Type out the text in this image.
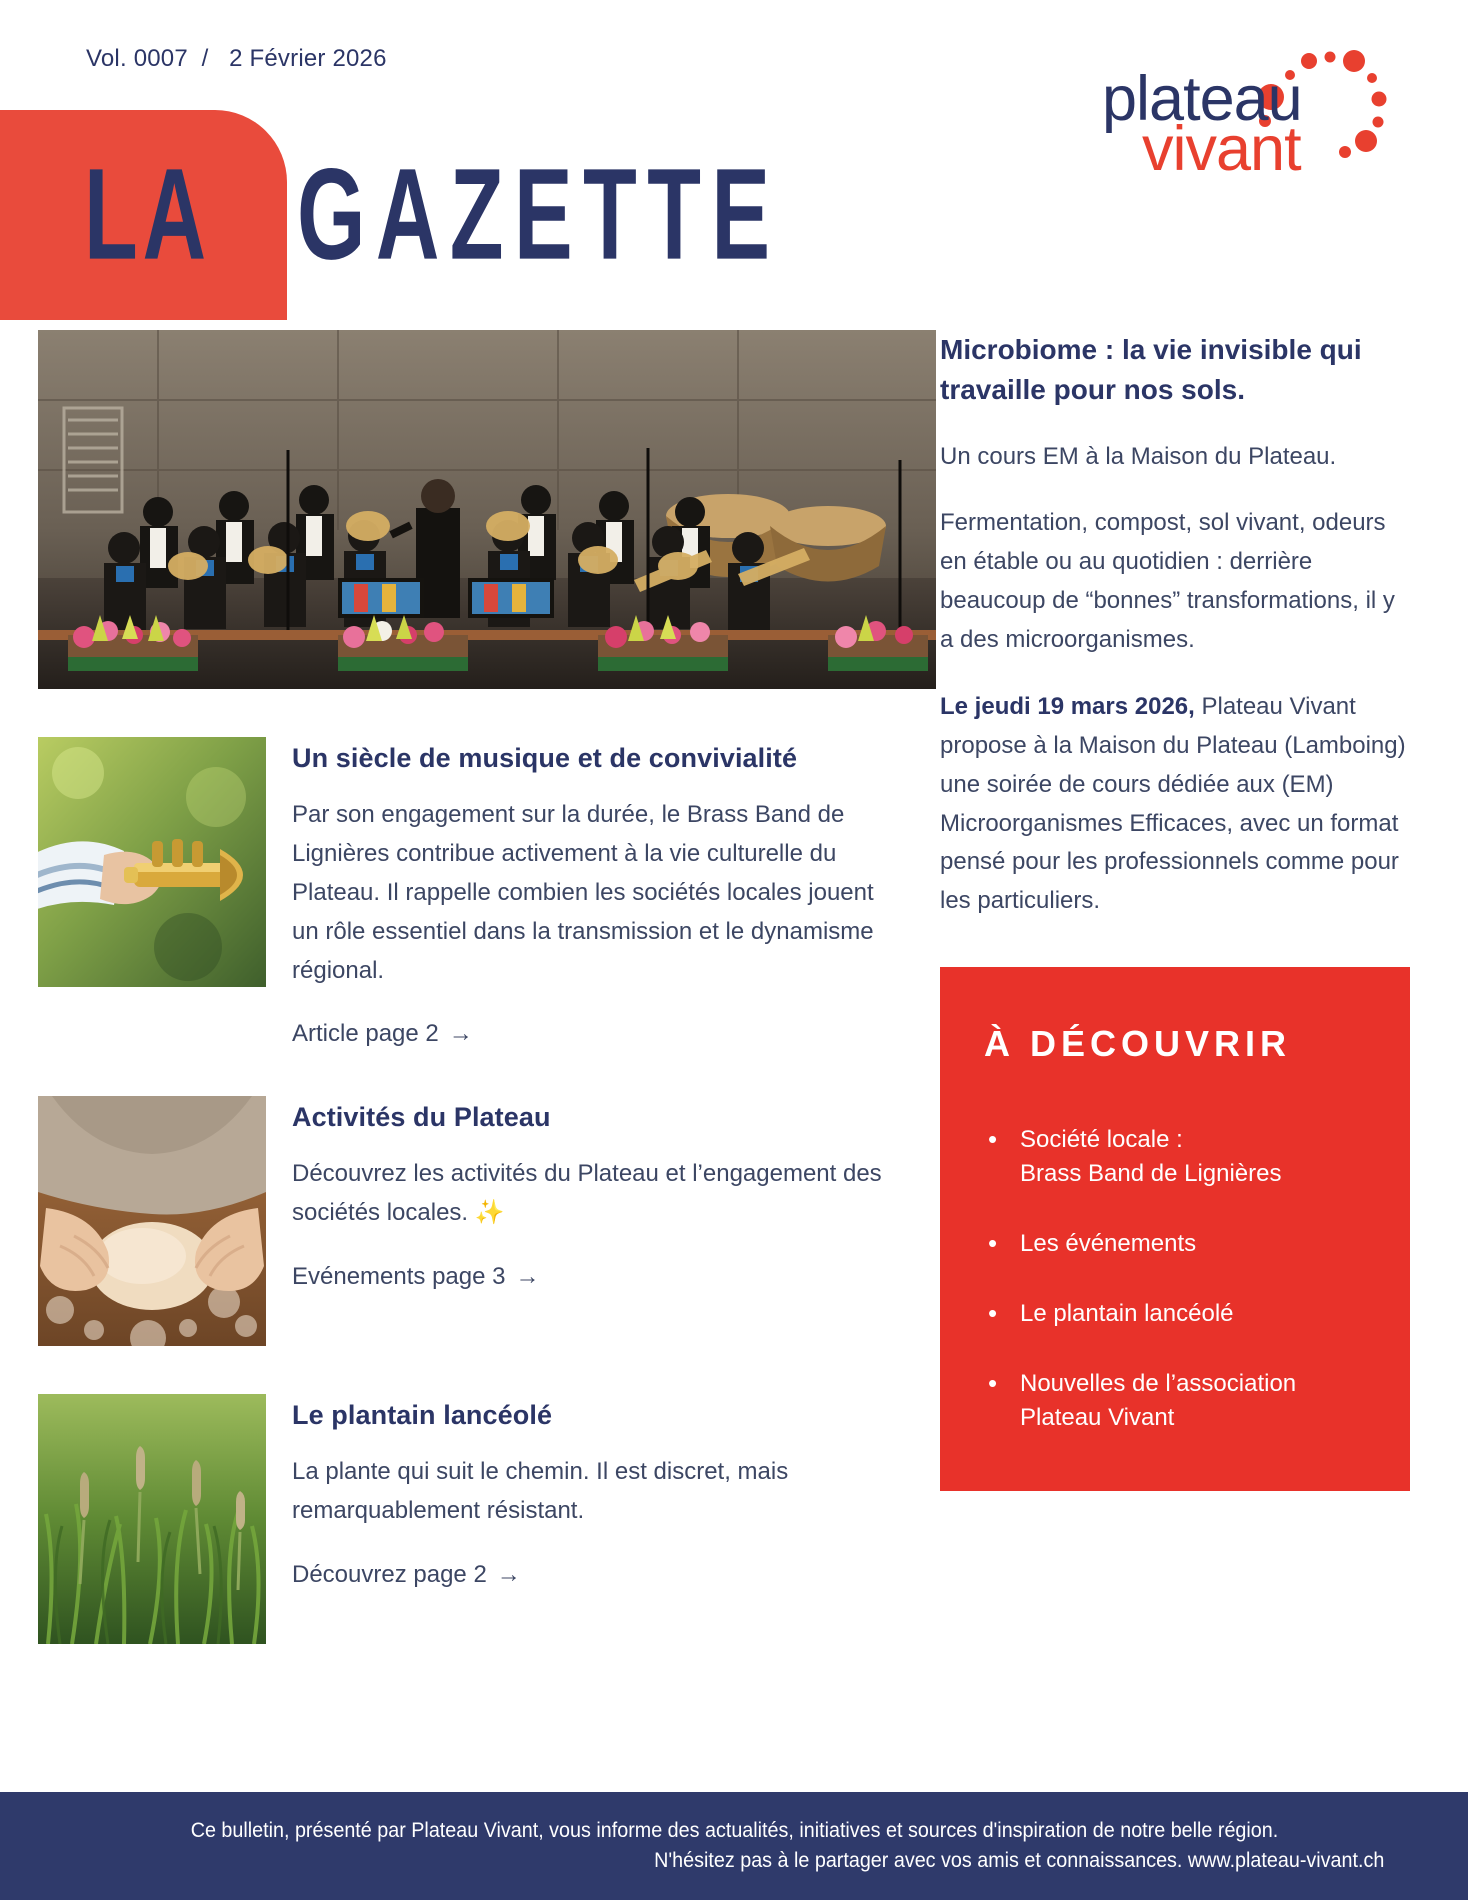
Vol. 0007  /   2 Février 2026
LA GAZETTE
plateau
vivant
Un siècle de musique et de convivialité
Par son engagement sur la durée, le Brass Band de Lignières contribue activement à la vie culturelle du Plateau. Il rappelle combien les sociétés locales jouent un rôle essentiel dans la transmission et le dynamisme régional.
Article page 2 →
Activités du Plateau
Découvrez les activités du Plateau et l’engagement des sociétés locales. ✨
Evénements page 3 →
Le plantain lancéolé
La plante qui suit le chemin. Il est discret, mais remarquablement résistant.
Découvrez page 2 →
Microbiome : la vie invisible qui travaille pour nos sols.
Un cours EM à la Maison du Plateau.
Fermentation, compost, sol vivant, odeurs en étable ou au quotidien : derrière beaucoup de “bonnes” transformations, il y a des microorganismes.
Le jeudi 19 mars 2026, Plateau Vivant propose à la Maison du Plateau (Lamboing) une soirée de cours dédiée aux (EM) Microorganismes Efficaces, avec un format pensé pour les professionnels comme pour les particuliers.
À DÉCOUVRIR
• Société locale :
Brass Band de Lignières
• Les événements
• Le plantain lancéolé
• Nouvelles de l’association
Plateau Vivant
Ce bulletin, présenté par Plateau Vivant, vous informe des actualités, initiatives et sources d'inspiration de notre belle région.
N'hésitez pas à le partager avec vos amis et connaissances. www.plateau-vivant.ch
